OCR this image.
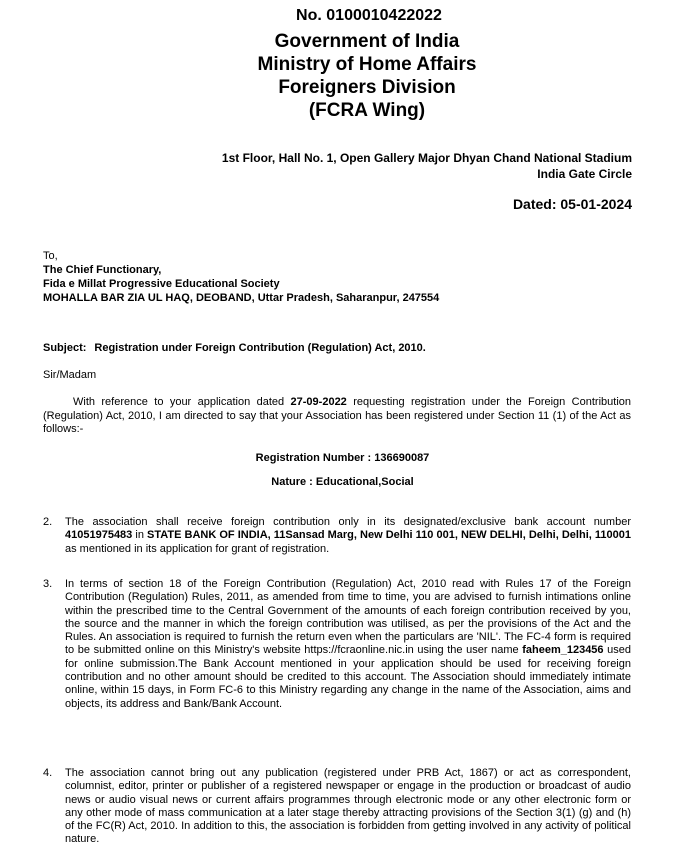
No. 0100010422022
Government of India
Ministry of Home Affairs
Foreigners Division
(FCRA Wing)
1st Floor, Hall No. 1, Open Gallery Major Dhyan Chand National Stadium
India Gate Circle
Dated: 05-01-2024
To,
The Chief Functionary,
Fida e Millat Progressive Educational Society
MOHALLA BAR ZIA UL HAQ, DEOBAND, Uttar Pradesh, Saharanpur, 247554
Subject: Registration under Foreign Contribution (Regulation) Act, 2010.
Sir/Madam
With reference to your application dated 27-09-2022 requesting registration under the Foreign Contribution (Regulation) Act, 2010, I am directed to say that your Association has been registered under Section 11 (1) of the Act as follows:-
Registration Number : 136690087
Nature : Educational,Social
2.	The association shall receive foreign contribution only in its designated/exclusive bank account number 41051975483 in STATE BANK OF INDIA, 11Sansad Marg, New Delhi 110 001, NEW DELHI, Delhi, Delhi, 110001 as mentioned in its application for grant of registration.
3.	In terms of section 18 of the Foreign Contribution (Regulation) Act, 2010 read with Rules 17 of the Foreign Contribution (Regulation) Rules, 2011, as amended from time to time, you are advised to furnish intimations online within the prescribed time to the Central Government of the amounts of each foreign contribution received by you, the source and the manner in which the foreign contribution was utilised, as per the provisions of the Act and the Rules. An association is required to furnish the return even when the particulars are 'NIL'. The FC-4 form is required to be submitted online on this Ministry's website https://fcraonline.nic.in using the user name faheem_123456 used for online submission.The Bank Account mentioned in your application should be used for receiving foreign contribution and no other amount should be credited to this account. The Association should immediately intimate online, within 15 days, in Form FC-6 to this Ministry regarding any change in the name of the Association, aims and objects, its address and Bank/Bank Account.
4.	The association cannot bring out any publication (registered under PRB Act, 1867) or act as correspondent, columnist, editor, printer or publisher of a registered newspaper or engage in the production or broadcast of audio news or audio visual news or current affairs programmes through electronic mode or any other electronic form or any other mode of mass communication at a later stage thereby attracting provisions of the Section 3(1) (g) and (h) of the FC(R) Act, 2010. In addition to this, the association is forbidden from getting involved in any activity of political nature.
